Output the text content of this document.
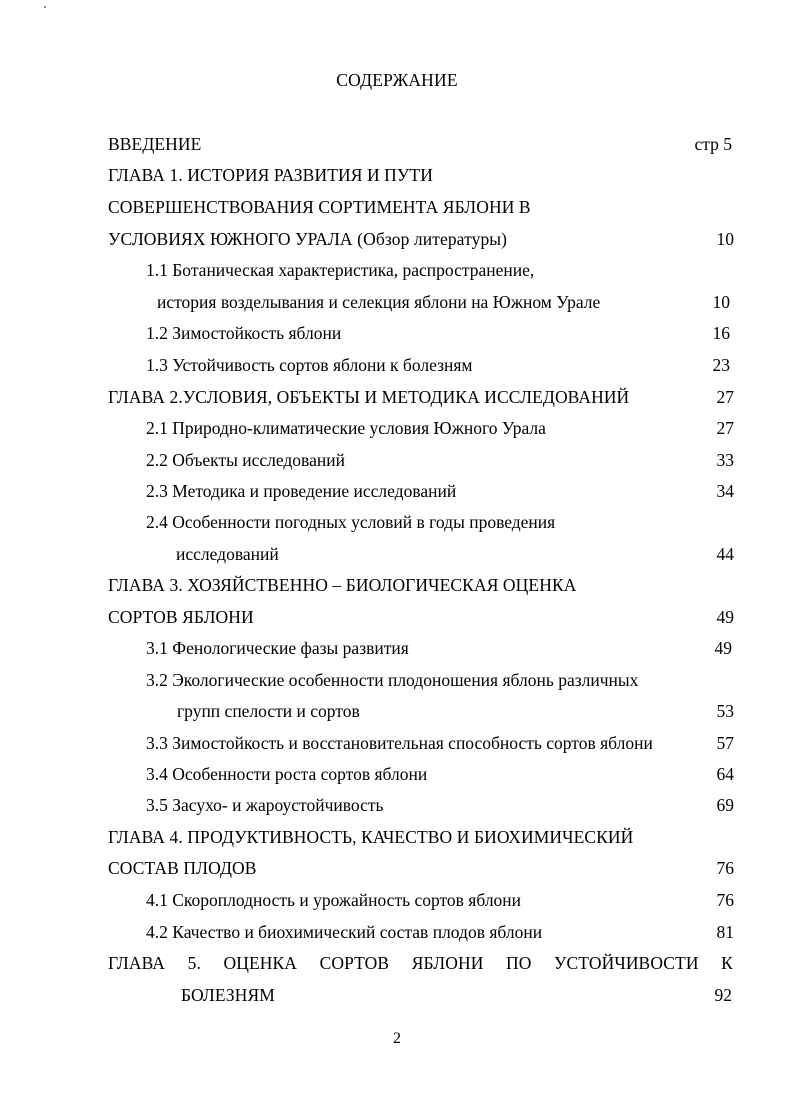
СОДЕРЖАНИЕ
ВВЕДЕНИЕ	стр 5
ГЛАВА 1. ИСТОРИЯ РАЗВИТИЯ И ПУТИ
СОВЕРШЕНСТВОВАНИЯ СОРТИМЕНТА ЯБЛОНИ В
УСЛОВИЯХ ЮЖНОГО УРАЛА (Обзор литературы)	10
1.1 Ботаническая характеристика, распространение,
история возделывания и селекция яблони на Южном Урале	10
1.2 Зимостойкость яблони	16
1.3 Устойчивость сортов яблони к болезням	23
ГЛАВА 2.УСЛОВИЯ, ОБЪЕКТЫ И МЕТОДИКА ИССЛЕДОВАНИЙ	27
2.1 Природно-климатические условия Южного Урала	27
2.2 Объекты исследований	33
2.3 Методика и проведение исследований	34
2.4 Особенности погодных условий в годы проведения
исследований	44
ГЛАВА 3. ХОЗЯЙСТВЕННО – БИОЛОГИЧЕСКАЯ ОЦЕНКА
СОРТОВ ЯБЛОНИ	49
3.1 Фенологические фазы развития	49
3.2 Экологические особенности плодоношения яблонь различных
групп спелости и сортов	53
3.3 Зимостойкость и восстановительная способность сортов яблони	57
3.4 Особенности роста сортов яблони	64
3.5 Засухо- и жароустойчивость	69
ГЛАВА 4. ПРОДУКТИВНОСТЬ, КАЧЕСТВО И БИОХИМИЧЕСКИЙ
СОСТАВ ПЛОДОВ	76
4.1 Скороплодность и урожайность сортов яблони	76
4.2 Качество и биохимический состав плодов яблони	81
ГЛАВА 5. ОЦЕНКА СОРТОВ ЯБЛОНИ ПО УСТОЙЧИВОСТИ К
БОЛЕЗНЯМ	92
2
